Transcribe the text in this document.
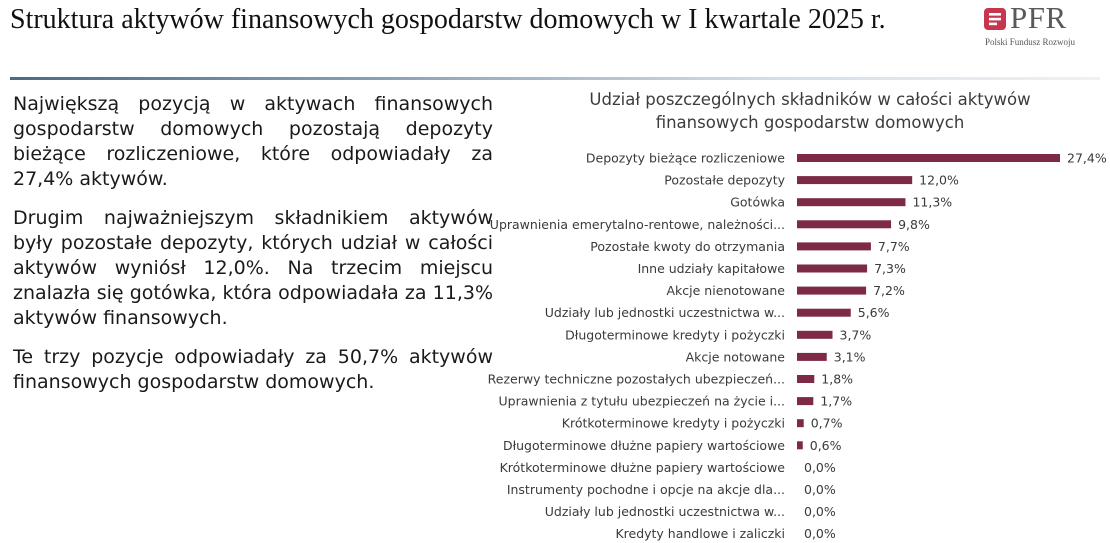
Struktura aktywów finansowych gospodarstw domowych w I kwartale 2025 r.	PFR
Polski Fundusz Rozwoju

Największą pozycją w aktywach finansowych gospodarstw domowych pozostają depozyty bieżące rozliczeniowe, które odpowiadały za 27,4% aktywów.

Drugim najważniejszym składnikiem aktywów były pozostałe depozyty, których udział w całości aktywów wyniósł 12,0%. Na trzecim miejscu znalazła się gotówka, która odpowiadała za 11,3% aktywów finansowych.

Te trzy pozycje odpowiadały za 50,7% aktywów finansowych gospodarstw domowych.

Udział poszczególnych składników w całości aktywów
finansowych gospodarstw domowych
Depozyty bieżące rozliczeniowe	27,4%
Pozostałe depozyty	12,0%
Gotówka	11,3%
Uprawnienia emerytalno-rentowe, należności...	9,8%
Pozostałe kwoty do otrzymania	7,7%
Inne udziały kapitałowe	7,3%
Akcje nienotowane	7,2%
Udziały lub jednostki uczestnictwa w...	5,6%
Długoterminowe kredyty i pożyczki	3,7%
Akcje notowane	3,1%
Rezerwy techniczne pozostałych ubezpieczeń...	1,8%
Uprawnienia z tytułu ubezpieczeń na życie i...	1,7%
Krótkoterminowe kredyty i pożyczki 0,7%
Długoterminowe dłużne papiery wartościowe 0,6%
Krótkoterminowe dłużne papiery wartościowe 0,0%
Instrumenty pochodne i opcje na akcje dla... 0,0%
Udziały lub jednostki uczestnictwa w... 0,0%
Kredyty handlowe i zaliczki 0,0%
